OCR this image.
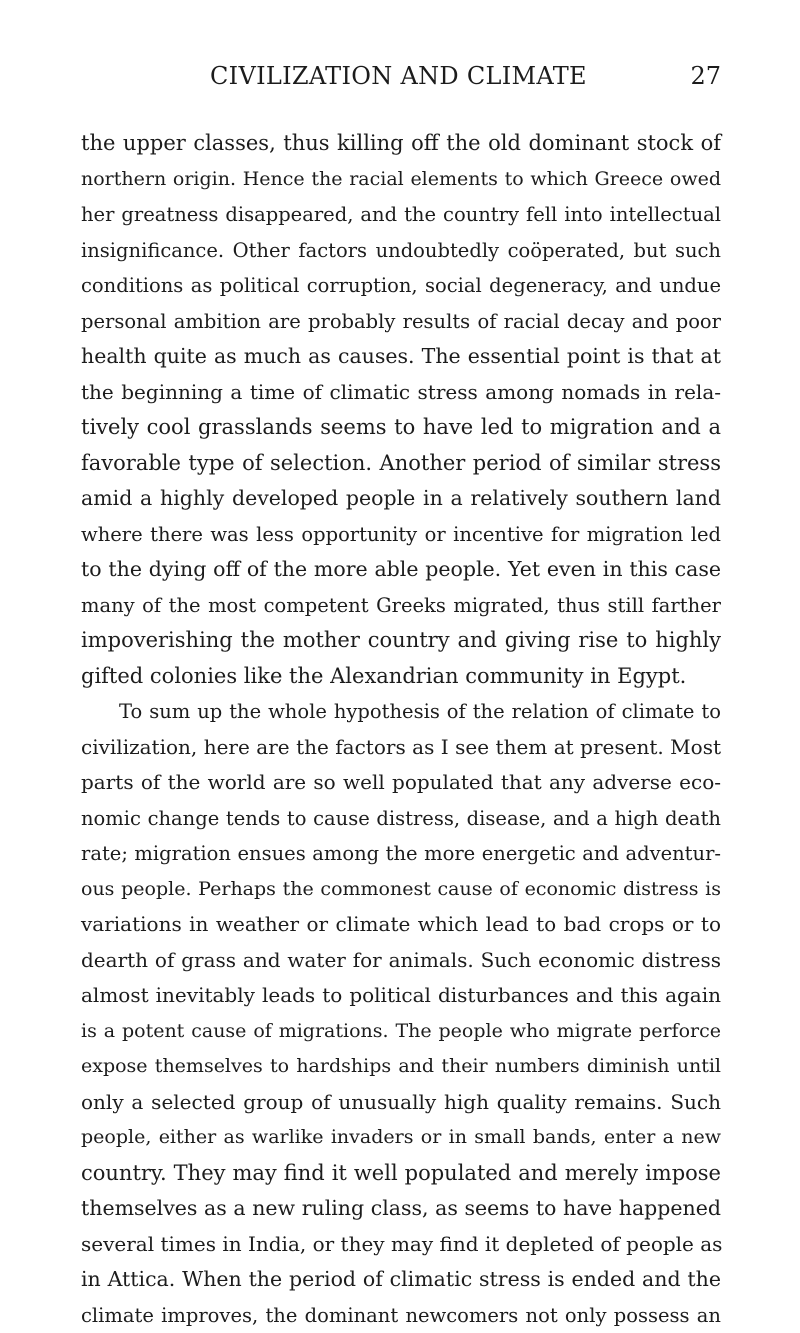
CIVILIZATION AND CLIMATE	27
the upper classes, thus killing off the old dominant stock of
northern origin. Hence the racial elements to which Greece owed
her greatness disappeared, and the country fell into intellectual
insignificance. Other factors undoubtedly coöperated, but such
conditions as political corruption, social degeneracy, and undue
personal ambition are probably results of racial decay and poor
health quite as much as causes. The essential point is that at
the beginning a time of climatic stress among nomads in rela-
tively cool grasslands seems to have led to migration and a
favorable type of selection. Another period of similar stress
amid a highly developed people in a relatively southern land
where there was less opportunity or incentive for migration led
to the dying off of the more able people. Yet even in this case
many of the most competent Greeks migrated, thus still farther
impoverishing the mother country and giving rise to highly
gifted colonies like the Alexandrian community in Egypt.
To sum up the whole hypothesis of the relation of climate to
civilization, here are the factors as I see them at present. Most
parts of the world are so well populated that any adverse eco-
nomic change tends to cause distress, disease, and a high death
rate; migration ensues among the more energetic and adventur-
ous people. Perhaps the commonest cause of economic distress is
variations in weather or climate which lead to bad crops or to
dearth of grass and water for animals. Such economic distress
almost inevitably leads to political disturbances and this again
is a potent cause of migrations. The people who migrate perforce
expose themselves to hardships and their numbers diminish until
only a selected group of unusually high quality remains. Such
people, either as warlike invaders or in small bands, enter a new
country. They may find it well populated and merely impose
themselves as a new ruling class, as seems to have happened
several times in India, or they may find it depleted of people as
in Attica. When the period of climatic stress is ended and the
climate improves, the dominant newcomers not only possess an
